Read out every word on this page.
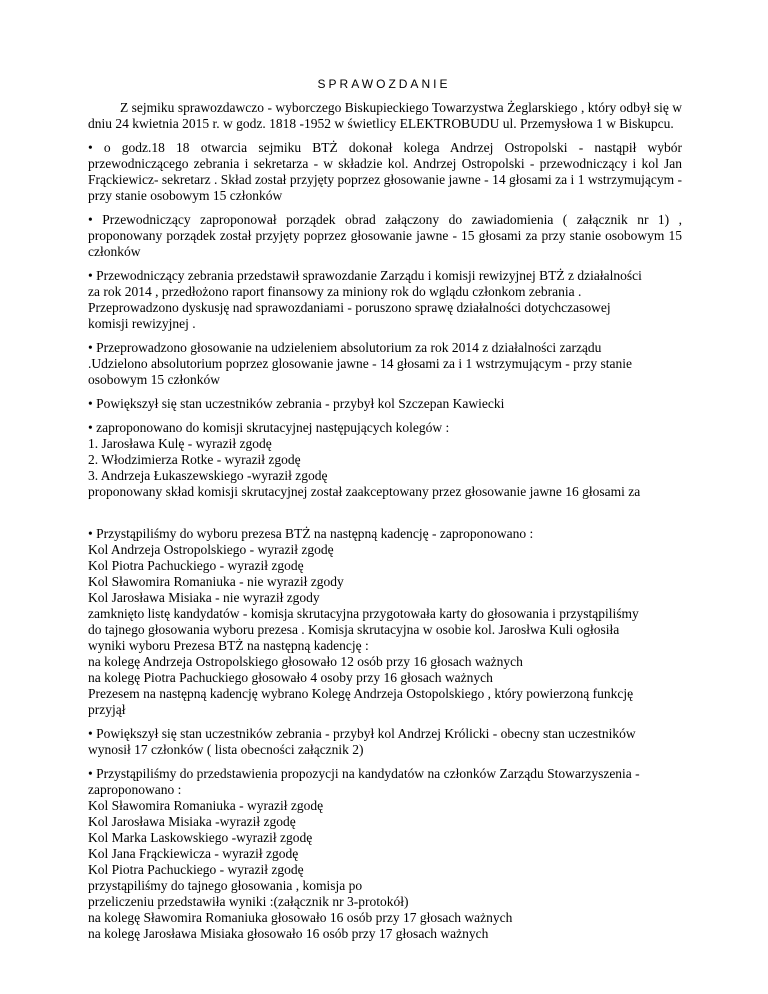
SPRAWOZDANIE

Z sejmiku sprawozdawczo - wyborczego Biskupieckiego Towarzystwa Żeglarskiego , który odbył się w dniu 24 kwietnia 2015 r. w godz. 1818 -1952 w świetlicy ELEKTROBUDU ul. Przemysłowa 1 w Biskupcu.

• o godz.18 18 otwarcia sejmiku BTŻ dokonał kolega Andrzej Ostropolski - nastąpił wybór przewodniczącego zebrania i sekretarza - w składzie kol. Andrzej Ostropolski - przewodniczący i kol Jan Frąckiewicz- sekretarz . Skład został przyjęty poprzez głosowanie jawne - 14 głosami za i 1 wstrzymującym - przy stanie osobowym 15 członków

• Przewodniczący zaproponował porządek obrad załączony do zawiadomienia ( załącznik nr 1) , proponowany porządek został przyjęty poprzez głosowanie jawne - 15 głosami za przy stanie osobowym 15 członków

• Przewodniczący zebrania przedstawił sprawozdanie Zarządu i komisji rewizyjnej BTŻ z działalności
za rok 2014 , przedłożono raport finansowy za miniony rok do wglądu członkom zebrania .
Przeprowadzono dyskusję nad sprawozdaniami - poruszono sprawę działalności dotychczasowej
komisji rewizyjnej .
• Przeprowadzono głosowanie na udzieleniem absolutorium za rok 2014 z działalności zarządu
.Udzielono absolutorium poprzez glosowanie jawne - 14 głosami za i 1 wstrzymującym - przy stanie
osobowym 15 członków
• Powiększył się stan uczestników zebrania - przybył kol Szczepan Kawiecki
• zaproponowano do komisji skrutacyjnej następujących kolegów :
1. Jarosława Kulę - wyraził zgodę
2. Włodzimierza Rotke - wyraził zgodę
3. Andrzeja Łukaszewskiego -wyraził zgodę
proponowany skład komisji skrutacyjnej został zaakceptowany przez głosowanie jawne 16 głosami za
• Przystąpiliśmy do wyboru prezesa BTŻ na następną kadencję - zaproponowano :
Kol Andrzeja Ostropolskiego - wyraził zgodę
Kol Piotra Pachuckiego - wyraził zgodę
Kol Sławomira Romaniuka - nie wyraził zgody
Kol Jarosława Misiaka - nie wyraził zgody
zamknięto listę kandydatów - komisja skrutacyjna przygotowała karty do głosowania i przystąpiliśmy
do tajnego głosowania wyboru prezesa . Komisja skrutacyjna w osobie kol. Jarosłwa Kuli ogłosiła
wyniki wyboru Prezesa BTŻ na następną kadencję :
na kolegę Andrzeja Ostropolskiego głosowało 12 osób przy 16 głosach ważnych
na kolegę Piotra Pachuckiego głosowało 4 osoby przy 16 głosach ważnych
Prezesem na następną kadencję wybrano Kolegę Andrzeja Ostopolskiego , który powierzoną funkcję
przyjął
• Powiększył się stan uczestników zebrania - przybył kol Andrzej Królicki - obecny stan uczestników
wynosił 17 członków ( lista obecności załącznik 2)
• Przystąpiliśmy do przedstawienia propozycji na kandydatów na członków Zarządu Stowarzyszenia -
zaproponowano :
Kol Sławomira Romaniuka - wyraził zgodę
Kol Jarosława Misiaka -wyraził zgodę
Kol Marka Laskowskiego -wyraził zgodę
Kol Jana Frąckiewicza - wyraził zgodę
Kol Piotra Pachuckiego - wyraził zgodę
przystąpiliśmy do tajnego głosowania , komisja po
przeliczeniu przedstawiła wyniki :(załącznik nr 3-protokół)
na kolegę Sławomira Romaniuka głosowało 16 osób przy 17 głosach ważnych
na kolegę Jarosława Misiaka głosowało 16 osób przy 17 głosach ważnych
